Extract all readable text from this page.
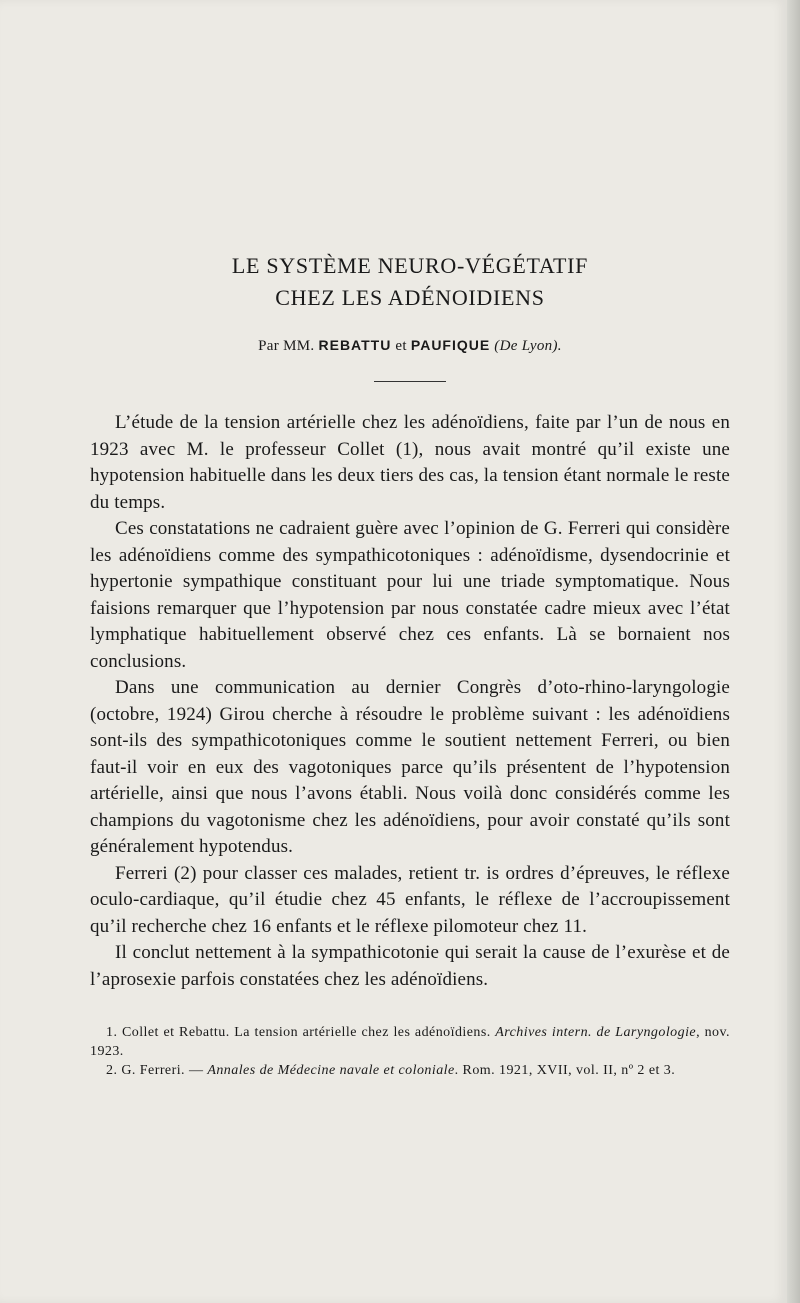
LE SYSTÈME NEURO-VÉGÉTATIF
CHEZ LES ADÉNOIDIENS
Par MM. REBATTU et PAUFIQUE (De Lyon).

L’étude de la tension artérielle chez les adénoïdiens, faite par l’un de nous en 1923 avec M. le professeur Collet (1), nous avait montré qu’il existe une hypotension habituelle dans les deux tiers des cas, la tension étant normale le reste du temps.

Ces constatations ne cadraient guère avec l’opinion de G. Ferreri qui considère les adénoïdiens comme des sympathicotoniques : adénoïdisme, dysendocrinie et hypertonie sympathique constituant pour lui une triade symptomatique. Nous faisions remarquer que l’hypotension par nous constatée cadre mieux avec l’état lymphatique habituellement observé chez ces enfants. Là se bornaient nos conclusions.

Dans une communication au dernier Congrès d’oto-rhino-laryngologie (octobre, 1924) Girou cherche à résoudre le problème suivant : les adénoïdiens sont-ils des sympathicotoniques comme le soutient nettement Ferreri, ou bien faut-il voir en eux des vagotoniques parce qu’ils présentent de l’hypotension artérielle, ainsi que nous l’avons établi. Nous voilà donc considérés comme les champions du vagotonisme chez les adénoïdiens, pour avoir constaté qu’ils sont généralement hypotendus.

Ferreri (2) pour classer ces malades, retient tr. is ordres d’épreuves, le réflexe oculo-cardiaque, qu’il étudie chez 45 enfants, le réflexe de l’accroupissement qu’il recherche chez 16 enfants et le réflexe pilomoteur chez 11.

Il conclut nettement à la sympathicotonie qui serait la cause de l’exurèse et de l’aprosexie parfois constatées chez les adénoïdiens.

1. Collet et Rebattu. La tension artérielle chez les adénoïdiens. Archives intern. de Laryngologie, nov. 1923.

2. G. Ferreri. — Annales de Médecine navale et coloniale. Rom. 1921, XVII, vol. II, nº 2 et 3.
